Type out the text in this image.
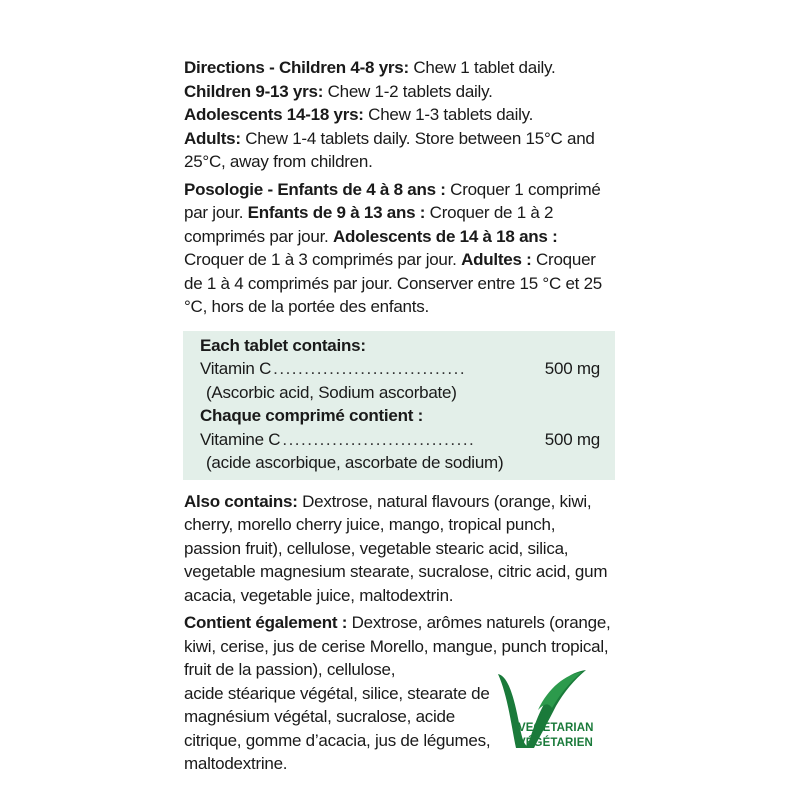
Directions - Children 4-8 yrs: Chew 1 tablet daily.
Children 9-13 yrs: Chew 1-2 tablets daily.
Adolescents 14-18 yrs: Chew 1-3 tablets daily.
Adults: Chew 1-4 tablets daily. Store between 15°C and 25°C, away from children.

Posologie - Enfants de 4 à 8 ans : Croquer 1 comprimé par jour. Enfants de 9 à 13 ans : Croquer de 1 à 2 comprimés par jour. Adolescents de 14 à 18 ans : Croquer de 1 à 3 comprimés par jour. Adultes : Croquer de 1 à 4 comprimés par jour. Conserver entre 15 °C et 25 °C, hors de la portée des enfants.

Each tablet contains:

Vitamin C ...............................	500 mg

(Ascorbic acid, Sodium ascorbate)

Chaque comprimé contient :

Vitamine C ...............................	500 mg

(acide ascorbique, ascorbate de sodium)

Also contains: Dextrose, natural flavours (orange, kiwi, cherry, morello cherry juice, mango, tropical punch, passion fruit), cellulose, vegetable stearic acid, silica, vegetable magnesium stearate, sucralose, citric acid, gum acacia, vegetable juice, maltodextrin.

Contient également : Dextrose, arômes naturels (orange, kiwi, cerise, jus de cerise Morello, mangue, punch tropical, fruit de la passion), cellulose,

acide stéarique végétal, silice, stearate de magnésium végétal, sucralose, acide citrique, gomme d’acacia, jus de légumes, maltodextrine.

VEGETARIAN
VÉGÉTARIEN
